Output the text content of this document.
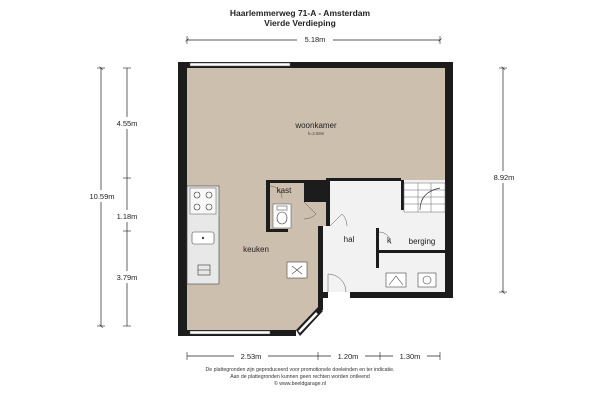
Haarlemmerweg 71-A - Amsterdam
Vierde Verdieping
5.18m
10.59m
4.55m
1.18m
3.79m
8.92m
2.53m	1.20m	1.30m
woonkamer
h=2.58m
keuken
kast
hal	k berging
De plattegronden zijn geproduceerd voor promotionele doeleinden en ter indicatie.
Aan de plattegronden kunnen geen rechten worden ontleend
© www.beeldgarage.nl
